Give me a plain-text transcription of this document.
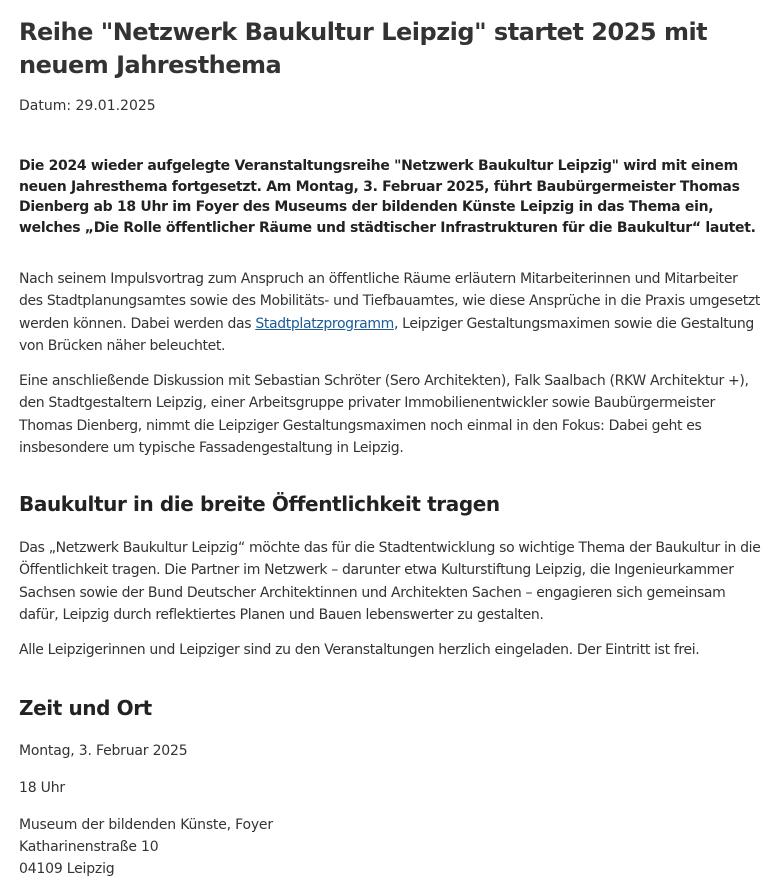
Reihe "Netzwerk Baukultur Leipzig" startet 2025 mit neuem Jahresthema
Datum: 29.01.2025

Die 2024 wieder aufgelegte Veranstaltungsreihe "Netzwerk Baukultur Leipzig" wird mit einem neuen Jahresthema fortgesetzt. Am Montag, 3. Februar 2025, führt Baubürgermeister Thomas Dienberg ab 18 Uhr im Foyer des Museums der bildenden Künste Leipzig in das Thema ein, welches „Die Rolle öffentlicher Räume und städtischer Infrastrukturen für die Baukultur“ lautet.

Nach seinem Impulsvortrag zum Anspruch an öffentliche Räume erläutern Mitarbeiterinnen und Mitarbeiter des Stadtplanungsamtes sowie des Mobilitäts- und Tiefbauamtes, wie diese Ansprüche in die Praxis umgesetzt werden können. Dabei werden das Stadtplatzprogramm, Leipziger Gestaltungsmaximen sowie die Gestaltung von Brücken näher beleuchtet.

Eine anschließende Diskussion mit Sebastian Schröter (Sero Architekten), Falk Saalbach (RKW Architektur +), den Stadtgestaltern Leipzig, einer Arbeitsgruppe privater Immobilienentwickler sowie Baubürgermeister Thomas Dienberg, nimmt die Leipziger Gestaltungsmaximen noch einmal in den Fokus: Dabei geht es insbesondere um typische Fassadengestaltung in Leipzig.

Baukultur in die breite Öffentlichkeit tragen

Das „Netzwerk Baukultur Leipzig“ möchte das für die Stadtentwicklung so wichtige Thema der Baukultur in die Öffentlichkeit tragen. Die Partner im Netzwerk – darunter etwa Kulturstiftung Leipzig, die Ingenieurkammer Sachsen sowie der Bund Deutscher Architektinnen und Architekten Sachen – engagieren sich gemeinsam dafür, Leipzig durch reflektiertes Planen und Bauen lebenswerter zu gestalten.

Alle Leipzigerinnen und Leipziger sind zu den Veranstaltungen herzlich eingeladen. Der Eintritt ist frei.

Zeit und Ort
Montag, 3. Februar 2025
18 Uhr
Museum der bildenden Künste, Foyer
Katharinenstraße 10
04109 Leipzig
